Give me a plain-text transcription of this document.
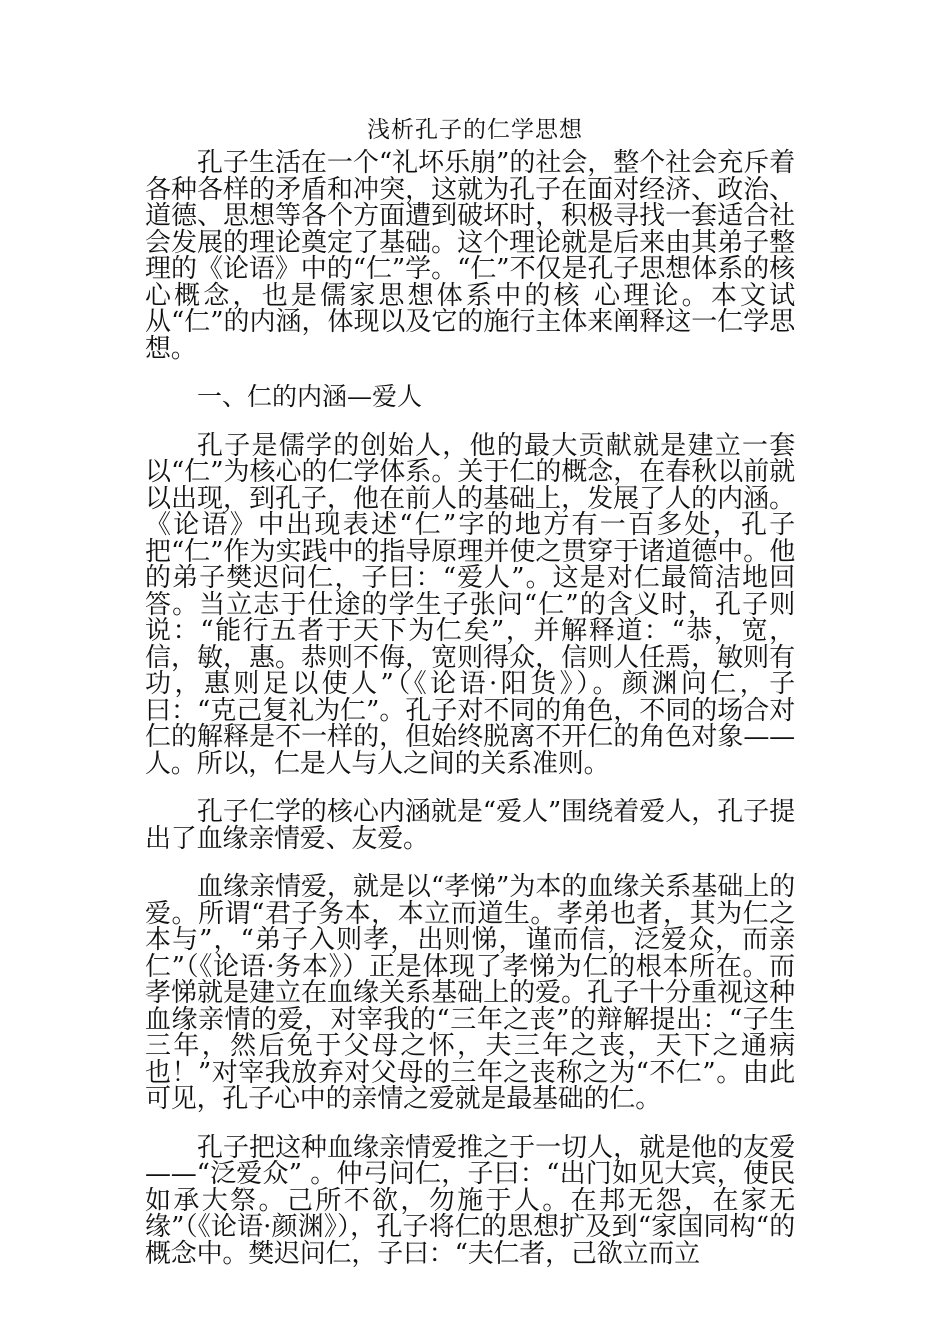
浅析孔子的仁学思想

孔子生活在一个“礼坏乐崩”的社会，整个社会充斥着各种各样的矛盾和冲突，这就为孔子在面对经济、政治、道德、思想等各个方面遭到破坏时，积极寻找一套适合社会发展的理论奠定了基础。这个理论就是后来由其弟子整理的《论语》中的“仁”学。“仁”不仅是孔子思想体系的核心概念，也是儒家思想体系中的核 心理论。本文试从“仁”的内涵，体现以及它的施行主体来阐释这一仁学思想。

一、仁的内涵—爱人

孔子是儒学的创始人，他的最大贡献就是建立一套以“仁”为核心的仁学体系。关于仁的概念，在春秋以前就以出现，到孔子，他在前人的基础上，发展了人的内涵。《论语》中出现表述“仁”字的地方有一百多处，孔子把“仁”作为实践中的指导原理并使之贯穿于诸道德中。他的弟子樊迟问仁，子曰：“爱人”。这是对仁最简洁地回答。当立志于仕途的学生子张问“仁”的含义时，孔子则说：“能行五者于天下为仁矣”，并解释道：“恭，宽，信，敏，惠。恭则不侮，宽则得众，信则人任焉，敏则有功，惠则足以使人”（《论语·阳货》）。颜渊问仁，子曰：“克己复礼为仁”。孔子对不同的角色，不同的场合对仁的解释是不一样的，但始终脱离不开仁的角色对象——人。所以，仁是人与人之间的关系准则。

孔子仁学的核心内涵就是“爱人”围绕着爱人，孔子提出了血缘亲情爱、友爱。

血缘亲情爱，就是以“孝悌”为本的血缘关系基础上的爱。所谓“君子务本，本立而道生。孝弟也者，其为仁之本与”，“弟子入则孝，出则悌，谨而信，泛爱众，而亲仁”（《论语·务本》）正是体现了孝悌为仁的根本所在。而孝悌就是建立在血缘关系基础上的爱。孔子十分重视这种血缘亲情的爱，对宰我的“三年之丧”的辩解提出：“子生三年，然后免于父母之怀，夫三年之丧，天下之通病也！”对宰我放弃对父母的三年之丧称之为“不仁”。由此可见，孔子心中的亲情之爱就是最基础的仁。

孔子把这种血缘亲情爱推之于一切人，就是他的友爱——“泛爱众” 。仲弓问仁，子曰：“出门如见大宾，使民如承大祭。己所不欲，勿施于人。在邦无怨，在家无缘”（《论语·颜渊》），孔子将仁的思想扩及到“家国同构“的概念中。樊迟问仁，子曰：“夫仁者，己欲立而立
